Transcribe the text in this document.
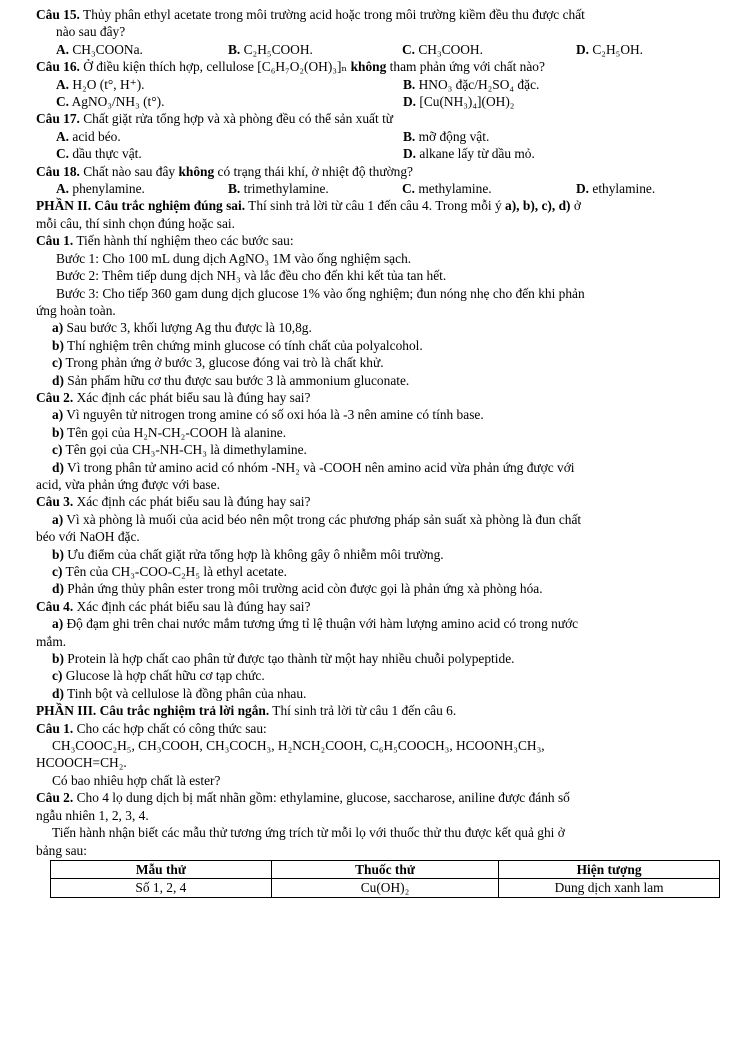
Câu 15. Thủy phân ethyl acetate trong môi trường acid hoặc trong môi trường kiềm đều thu được chất
nào sau đây?
A. CH₃COONa.	B. C₂H₅COOH.	C. CH₃COOH.	D. C₂H₅OH.
Câu 16. Ở điều kiện thích hợp, cellulose [C₆H₇O₂(OH)₃]ₙ không tham phản ứng với chất nào?
A. H₂O (t°, H⁺).	B. HNO₃ đặc/H₂SO₄ đặc.
C. AgNO₃/NH₃ (t°).	D. [Cu(NH₃)₄](OH)₂
Câu 17. Chất giặt rửa tổng hợp và xà phòng đều có thể sản xuất từ
A. acid béo.	B. mỡ động vật.
C. dầu thực vật.	D. alkane lấy từ dầu mỏ.
Câu 18. Chất nào sau đây không có trạng thái khí, ở nhiệt độ thường?
A. phenylamine.	B. trimethylamine.	C. methylamine.	D. ethylamine.
PHẦN II. Câu trắc nghiệm đúng sai. Thí sinh trả lời từ câu 1 đến câu 4. Trong mỗi ý a), b), c), d) ở
mỗi câu, thí sinh chọn đúng hoặc sai.
Câu 1. Tiến hành thí nghiệm theo các bước sau:
Bước 1: Cho 100 mL dung dịch AgNO₃ 1M vào ống nghiệm sạch.
Bước 2: Thêm tiếp dung dịch NH₃ và lắc đều cho đến khi kết tủa tan hết.
Bước 3: Cho tiếp 360 gam dung dịch glucose 1% vào ống nghiệm; đun nóng nhẹ cho đến khi phản
ứng hoàn toàn.
a) Sau bước 3, khối lượng Ag thu được là 10,8g.
b) Thí nghiệm trên chứng minh glucose có tính chất của polyalcohol.
c) Trong phản ứng ở bước 3, glucose đóng vai trò là chất khử.
d) Sản phẩm hữu cơ thu được sau bước 3 là ammonium gluconate.
Câu 2. Xác định các phát biểu sau là đúng hay sai?
a) Vì nguyên tử nitrogen trong amine có số oxi hóa là -3 nên amine có tính base.
b) Tên gọi của H₂N-CH₂-COOH là alanine.
c) Tên gọi của CH₃-NH-CH₃ là dimethylamine.
d) Vì trong phân tử amino acid có nhóm -NH₂ và -COOH nên amino acid vừa phản ứng được với
acid, vừa phản ứng được với base.
Câu 3. Xác định các phát biểu sau là đúng hay sai?
a) Vì xà phòng là muối của acid béo nên một trong các phương pháp sản suất xà phòng là đun chất
béo với NaOH đặc.
b) Ưu điểm của chất giặt rửa tổng hợp là không gây ô nhiễm môi trường.
c) Tên của CH₃-COO-C₂H₅ là ethyl acetate.
d) Phản ứng thủy phân ester trong môi trường acid còn được gọi là phản ứng xà phòng hóa.
Câu 4. Xác định các phát biểu sau là đúng hay sai?
a) Độ đạm ghi trên chai nước mắm tương ứng tỉ lệ thuận với hàm lượng amino acid có trong nước
mắm.
b) Protein là hợp chất cao phân tử được tạo thành từ một hay nhiều chuỗi polypeptide.
c) Glucose là hợp chất hữu cơ tạp chức.
d) Tinh bột và cellulose là đồng phân của nhau.
PHẦN III. Câu trắc nghiệm trả lời ngắn. Thí sinh trả lời từ câu 1 đến câu 6.
Câu 1. Cho các hợp chất có công thức sau:
CH₃COOC₂H₅, CH₃COOH, CH₃COCH₃, H₂NCH₂COOH, C₆H₅COOCH₃, HCOONH₃CH₃,
HCOOCH=CH₂.
Có bao nhiêu hợp chất là ester?
Câu 2. Cho 4 lọ dung dịch bị mất nhãn gồm: ethylamine, glucose, saccharose, aniline được đánh số
ngẫu nhiên 1, 2, 3, 4.
Tiến hành nhận biết các mẫu thử tương ứng trích từ mỗi lọ với thuốc thử thu được kết quả ghi ở
bảng sau:
Mẫu thử	Thuốc thử	Hiện tượng
Số 1, 2, 4	Cu(OH)₂	Dung dịch xanh lam
